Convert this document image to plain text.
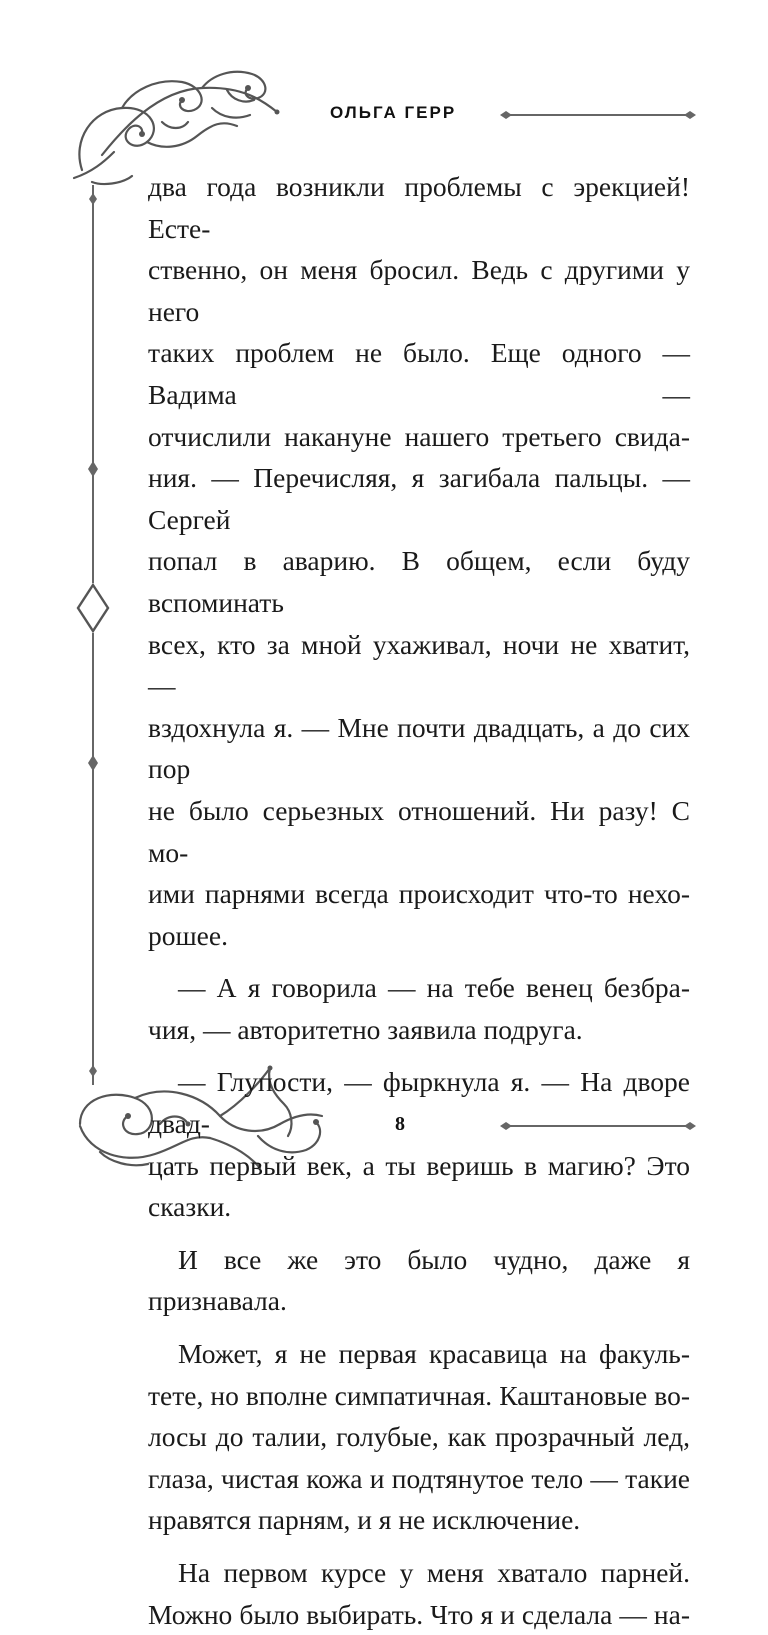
ОЛЬГА ГЕРР

два года возникли проблемы с эрекцией! Есте-
ственно, он меня бросил. Ведь с другими у него
таких проблем не было. Еще одного — Вадима —
отчислили накануне нашего третьего свида-
ния. — Перечисляя, я загибала пальцы. — Сергей
попал в аварию. В общем, если буду вспоминать
всех, кто за мной ухаживал, ночи не хватит, —
вздохнула я. — Мне почти двадцать, а до сих пор
не было серьезных отношений. Ни разу! С мо-
ими парнями всегда происходит что-то нехо-

рошее.

— А я говорила — на тебе венец безбра-

чия, — авторитетно заявила подруга.

— Глупости, — фыркнула я. — На дворе двад-

цать первый век, а ты веришь в магию? Это

сказки.

И все же это было чудно, даже я признавала.

Может, я не первая красавица на факуль-

тете, но вполне симпатичная. Каштановые во-
лосы до талии, голубые, как прозрачный лед,
глаза, чистая кожа и подтянутое тело — такие

нравятся парням, и я не исключение.

На первом курсе у меня хватало парней.

Можно было выбирать. Что я и сделала — на-

8
